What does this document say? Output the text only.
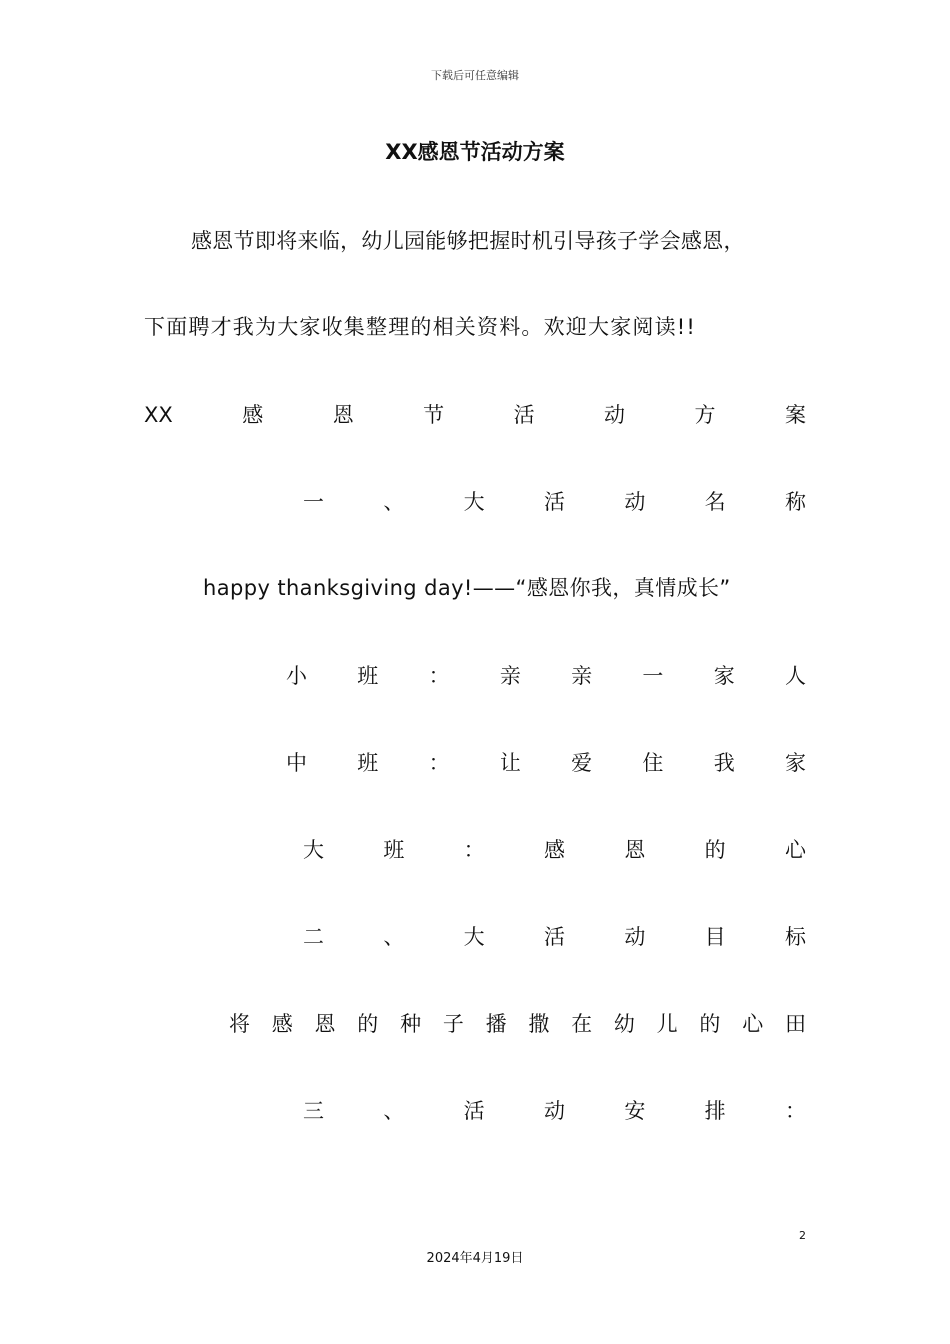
下载后可任意编辑
XX感恩节活动方案
感恩节即将来临，幼儿园能够把握时机引导孩子学会感恩，
下面聘才我为大家收集整理的相关资料。欢迎大家阅读!!
XX	感	恩	节	活	动	方	案
一	、	大	活	动	名	称
happy thanksgiving day!——“感恩你我，真情成长”
小 班 ： 亲 亲 一 家 人
中 班 ： 让 爱 住 我 家
大	班	：	感	恩	的	心
二	、	大	活	动	目	标
将 感 恩 的 种 子 播 撒 在 幼 儿 的 心 田
三	、	活	动	安	排	：
2
2024年4月19日
